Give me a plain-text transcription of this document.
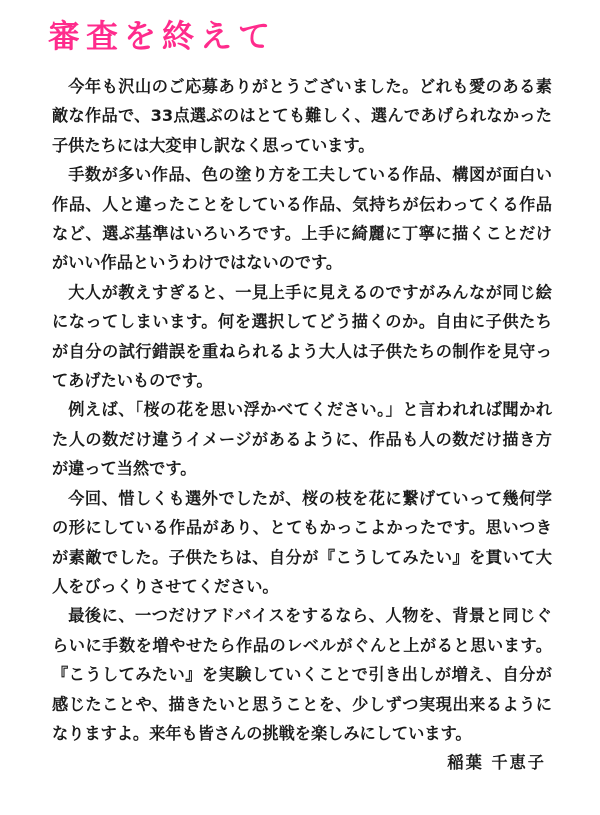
審査を終えて

今年も沢山のご応募ありがとうございました。どれも愛のある素敵な作品で、33点選ぶのはとても難しく、選んであげられなかった子供たちには大変申し訳なく思っています。

手数が多い作品、色の塗り方を工夫している作品、構図が面白い作品、人と違ったことをしている作品、気持ちが伝わってくる作品など、選ぶ基準はいろいろです。上手に綺麗に丁寧に描くことだけがいい作品というわけではないのです。

大人が教えすぎると、一見上手に見えるのですがみんなが同じ絵になってしまいます。何を選択してどう描くのか。自由に子供たちが自分の試行錯誤を重ねられるよう大人は子供たちの制作を見守ってあげたいものです。

例えば、「桜の花を思い浮かべてください。」と言われれば聞かれた人の数だけ違うイメージがあるように、作品も人の数だけ描き方が違って当然です。

今回、惜しくも選外でしたが、桜の枝を花に繋げていって幾何学の形にしている作品があり、とてもかっこよかったです。思いつきが素敵でした。子供たちは、自分が『こうしてみたい』を貫いて大人をびっくりさせてください。

最後に、一つだけアドバイスをするなら、人物を、背景と同じぐらいに手数を増やせたら作品のレベルがぐんと上がると思います。『こうしてみたい』を実験していくことで引き出しが増え、自分が感じたことや、描きたいと思うことを、少しずつ実現出来るようになりますよ。来年も皆さんの挑戦を楽しみにしています。
稲葉 千恵子
